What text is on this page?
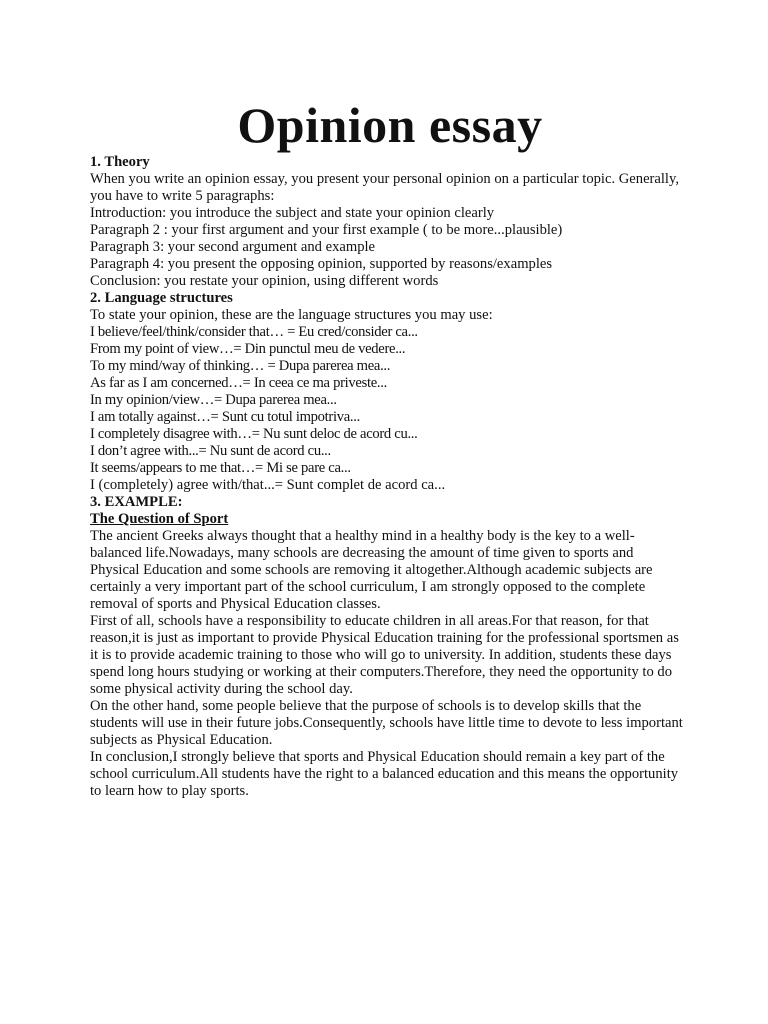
Opinion essay
1. Theory
When you write an opinion essay, you present your personal opinion on a particular topic. Generally,
you have to write 5 paragraphs:
Introduction: you introduce the subject and state your opinion clearly
Paragraph 2 : your first argument and your first example ( to be more...plausible)
Paragraph 3: your second argument and example
Paragraph 4: you present the opposing opinion, supported by reasons/examples
Conclusion: you restate your opinion, using different words
2. Language structures
To state your opinion, these are the language structures you may use:
I believe/feel/think/consider that… = Eu cred/consider ca...
From my point of view…= Din punctul meu de vedere...
To my mind/way of thinking… = Dupa parerea mea...
As far as I am concerned…= In ceea ce ma priveste...
In my opinion/view…= Dupa parerea mea...
I am totally against…= Sunt cu totul impotriva...
I completely disagree with…= Nu sunt deloc de acord cu...
I don’t agree with...= Nu sunt de acord cu...
It seems/appears to me that…= Mi se pare ca...
I (completely) agree with/that...= Sunt complet de acord ca...
3. EXAMPLE:
The Question of Sport
The ancient Greeks always thought that a healthy mind in a healthy body is the key to a well-
balanced life.Nowadays, many schools are decreasing the amount of time given to sports and
Physical Education and some schools are removing it altogether.Although academic subjects are
certainly a very important part of the school curriculum, I am strongly opposed to the complete
removal of sports and Physical Education classes.
First of all, schools have a responsibility to educate children in all areas.For that reason, for that
reason,it is just as important to provide Physical Education training for the professional sportsmen as
it is to provide academic training to those who will go to university. In addition, students these days
spend long hours studying or working at their computers.Therefore, they need the opportunity to do
some physical activity during the school day.
On the other hand, some people believe that the purpose of schools is to develop skills that the
students will use in their future jobs.Consequently, schools have little time to devote to less important
subjects as Physical Education.
In conclusion,I strongly believe that sports and Physical Education should remain a key part of the
school curriculum.All students have the right to a balanced education and this means the opportunity
to learn how to play sports.
